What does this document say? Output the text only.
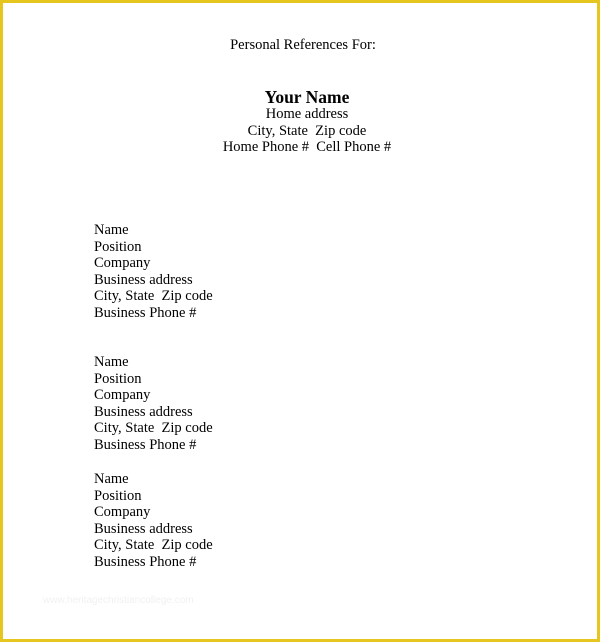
Personal References For:
Your Name
Home address
City, State  Zip code
Home Phone #  Cell Phone #
Name
Position
Company
Business address
City, State  Zip code
Business Phone #
Name
Position
Company
Business address
City, State  Zip code
Business Phone #
Name
Position
Company
Business address
City, State  Zip code
Business Phone #
www.heritagechristiancollege.com
